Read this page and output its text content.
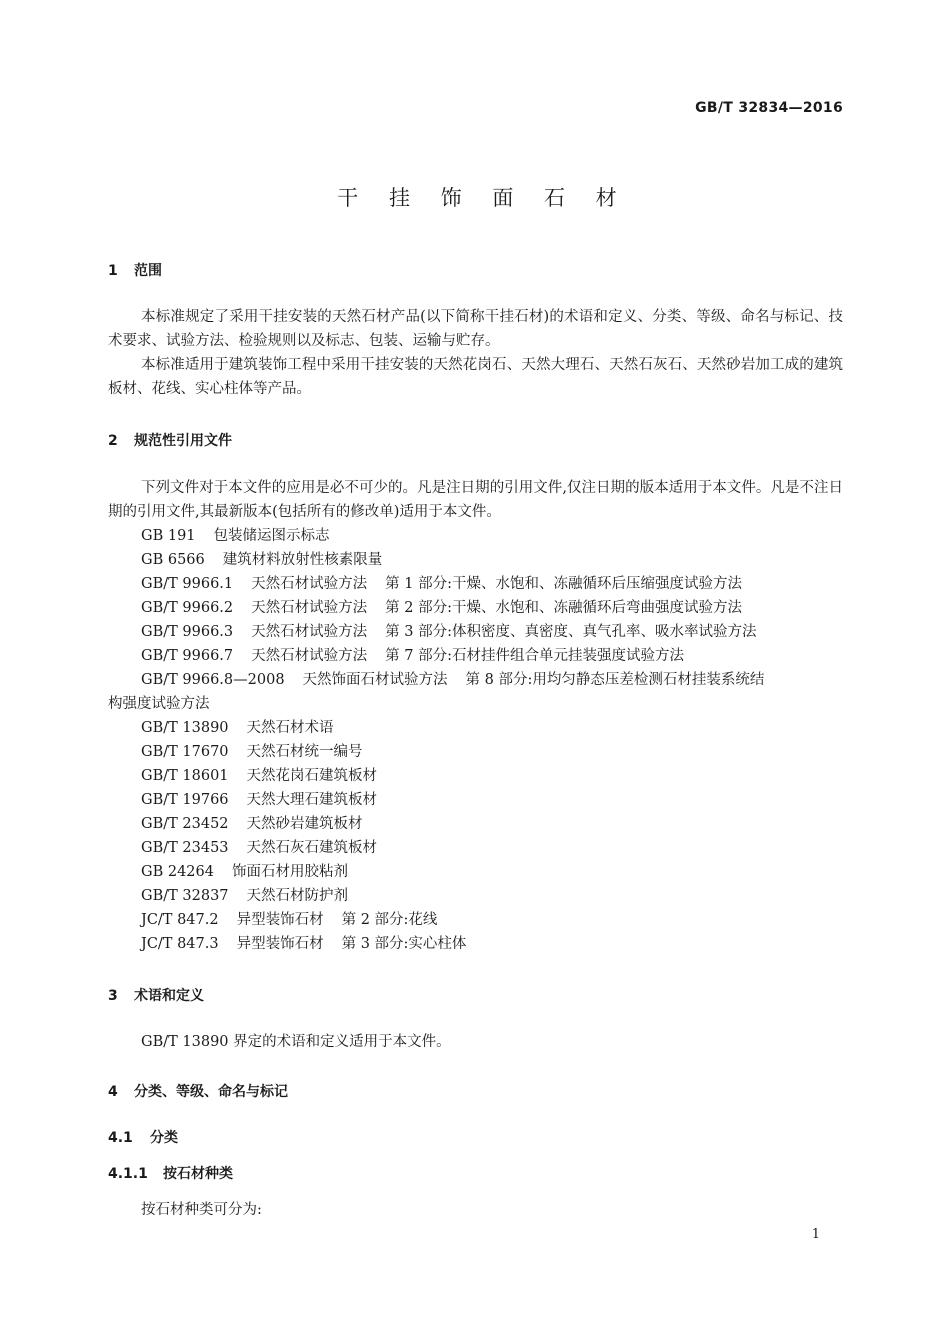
GB/T 32834—2016
干 挂 饰 面 石 材
1 范围
本标准规定了采用干挂安装的天然石材产品(以下简称干挂石材)的术语和定义、分类、等级、命名与标记、技术要求、试验方法、检验规则以及标志、包装、运输与贮存。
本标准适用于建筑装饰工程中采用干挂安装的天然花岗石、天然大理石、天然石灰石、天然砂岩加工成的建筑板材、花线、实心柱体等产品。
2 规范性引用文件
下列文件对于本文件的应用是必不可少的。凡是注日期的引用文件,仅注日期的版本适用于本文件。凡是不注日期的引用文件,其最新版本(包括所有的修改单)适用于本文件。
GB 191 包装储运图示标志
GB 6566 建筑材料放射性核素限量
GB/T 9966.1 天然石材试验方法 第 1 部分:干燥、水饱和、冻融循环后压缩强度试验方法
GB/T 9966.2 天然石材试验方法 第 2 部分:干燥、水饱和、冻融循环后弯曲强度试验方法
GB/T 9966.3 天然石材试验方法 第 3 部分:体积密度、真密度、真气孔率、吸水率试验方法
GB/T 9966.7 天然石材试验方法 第 7 部分:石材挂件组合单元挂装强度试验方法
GB/T 9966.8—2008 天然饰面石材试验方法 第 8 部分:用均匀静态压差检测石材挂装系统结
构强度试验方法
GB/T 13890 天然石材术语
GB/T 17670 天然石材统一编号
GB/T 18601 天然花岗石建筑板材
GB/T 19766 天然大理石建筑板材
GB/T 23452 天然砂岩建筑板材
GB/T 23453 天然石灰石建筑板材
GB 24264 饰面石材用胶粘剂
GB/T 32837 天然石材防护剂
JC/T 847.2 异型装饰石材 第 2 部分:花线
JC/T 847.3 异型装饰石材 第 3 部分:实心柱体
3 术语和定义
GB/T 13890 界定的术语和定义适用于本文件。
4 分类、等级、命名与标记
4.1 分类
4.1.1 按石材种类
按石材种类可分为:
1
